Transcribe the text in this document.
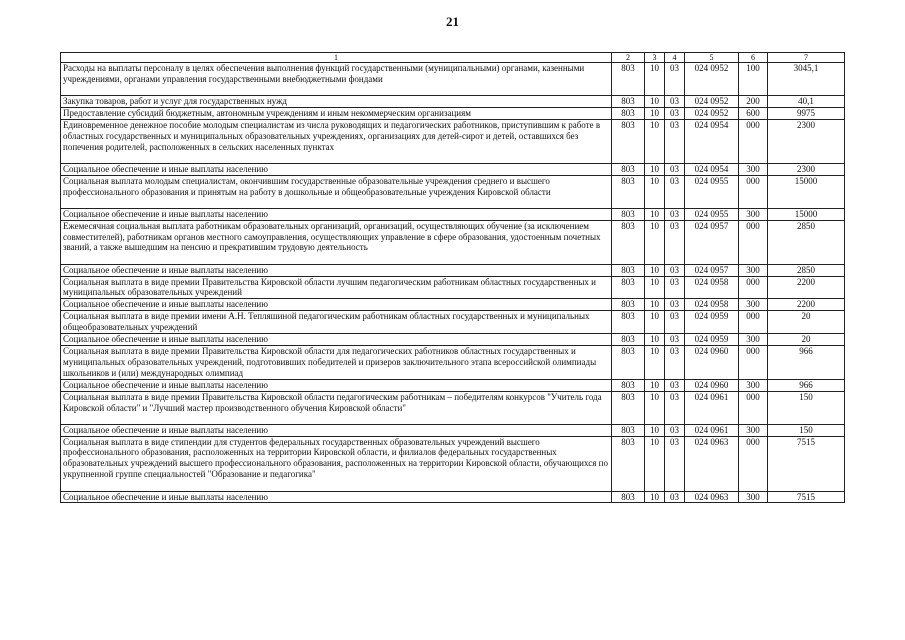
21
1	2	3	4	5	6	7
Расходы на выплаты персоналу в целях обеспечения выполнения функций государственными (муниципальными) органами, казенными учреждениями, органами управления государственными внебюджетными фондами	803	10	03	024 0952	100	3045,1
Закупка товаров, работ и услуг для государственных нужд	803	10	03	024 0952	200	40,1
Предоставление субсидий бюджетным, автономным учреждениям и иным некоммерческим организациям	803	10	03	024 0952	600	9975
Единовременное денежное пособие молодым специалистам из числа руководящих и педагогических работников, приступившим к работе в областных государственных и муниципальных образовательных учреждениях, организациях для детей-сирот и детей, оставшихся без попечения родителей, расположенных в сельских населенных пунктах	803	10	03	024 0954	000	2300
Социальное обеспечение и иные выплаты населению	803	10	03	024 0954	300	2300
Социальная выплата молодым специалистам, окончившим государственные образовательные учреждения среднего и высшего профессионального образования и принятым на работу в дошкольные и общеобразовательные учреждения Кировской области	803	10	03	024 0955	000	15000
Социальное обеспечение и иные выплаты населению	803	10	03	024 0955	300	15000
Ежемесячная социальная выплата работникам образовательных организаций, организаций, осуществляющих обучение (за исключением совместителей), работникам органов местного самоуправления, осуществляющих управление в сфере образования, удостоенным почетных званий, а также вышедшим на пенсию и прекратившим трудовую деятельность	803	10	03	024 0957	000	2850
Социальное обеспечение и иные выплаты населению	803	10	03	024 0957	300	2850
Социальная выплата в виде премии Правительства Кировской области лучшим педагогическим работникам областных государственных и муниципальных образовательных учреждений	803	10	03	024 0958	000	2200
Социальное обеспечение и иные выплаты населению	803	10	03	024 0958	300	2200
Социальная выплата в виде премии имени А.Н. Тепляшиной педагогическим работникам областных государственных и муниципальных общеобразовательных учреждений	803	10	03	024 0959	000	20
Социальное обеспечение и иные выплаты населению	803	10	03	024 0959	300	20
Социальная выплата в виде премии Правительства Кировской области для педагогических работников областных государственных и муниципальных образовательных учреждений, подготовивших победителей и призеров заключительного этапа всероссийской олимпиады школьников и (или) международных олимпиад	803	10	03	024 0960	000	966
Социальное обеспечение и иные выплаты населению	803	10	03	024 0960	300	966
Социальная выплата в виде премии Правительства Кировской области педагогическим работникам – победителям конкурсов "Учитель года Кировской области" и "Лучший мастер производственного обучения Кировской области"	803	10	03	024 0961	000	150
Социальное обеспечение и иные выплаты населению	803	10	03	024 0961	300	150
Социальная выплата в виде стипендии для студентов федеральных государственных образовательных учреждений высшего профессионального образования, расположенных на территории Кировской области, и филиалов федеральных государственных образовательных учреждений высшего профессионального образования, расположенных на территории Кировской области, обучающихся по укрупненной группе специальностей "Образование и педагогика"	803	10	03	024 0963	000	7515
Социальное обеспечение и иные выплаты населению	803	10	03	024 0963	300	7515
